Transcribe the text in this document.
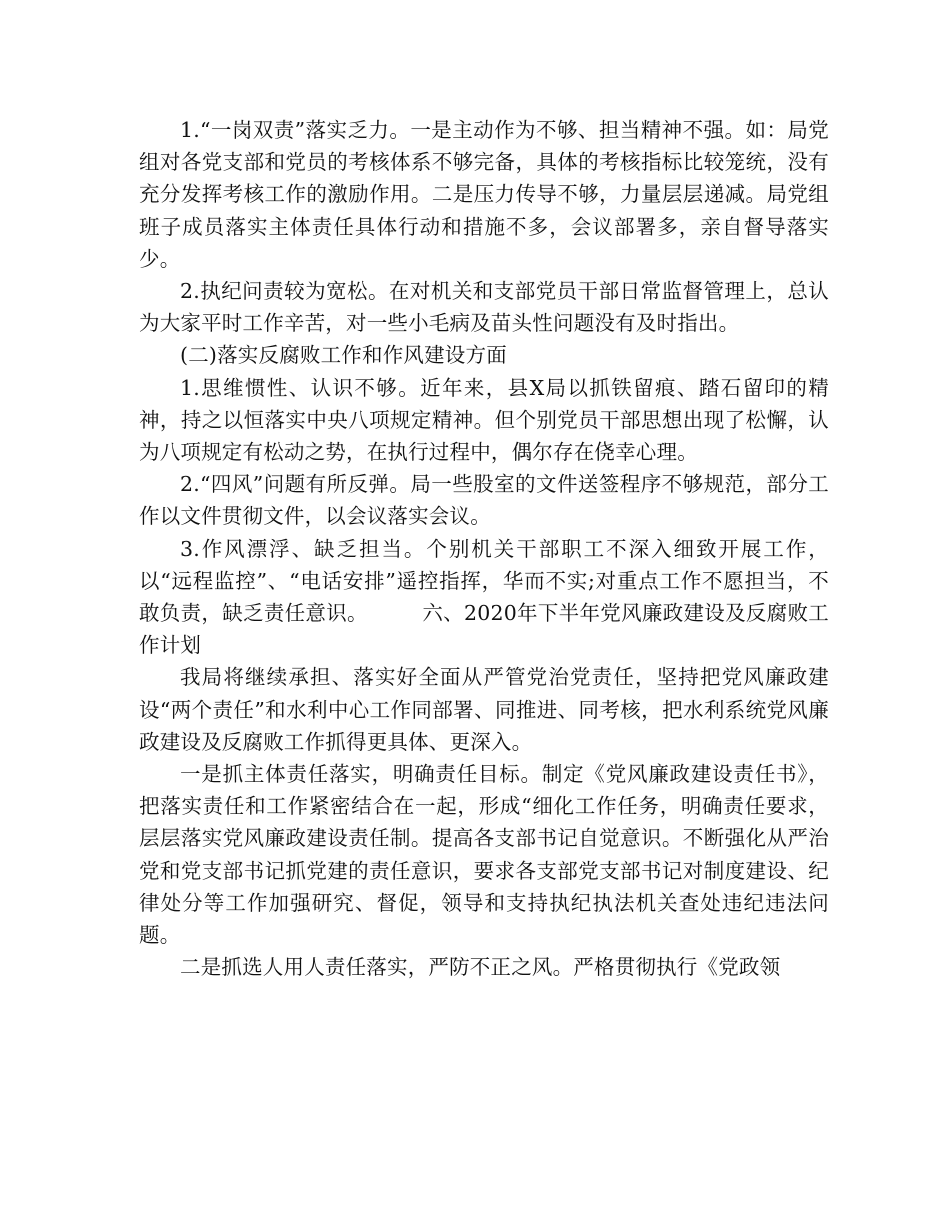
1.“一岗双责”落实乏力。一是主动作为不够、担当精神不强。如：局党组对各党支部和党员的考核体系不够完备，具体的考核指标比较笼统，没有充分发挥考核工作的激励作用。二是压力传导不够，力量层层递减。局党组班子成员落实主体责任具体行动和措施不多，会议部署多，亲自督导落实少。

2.执纪问责较为宽松。在对机关和支部党员干部日常监督管理上，总认为大家平时工作辛苦，对一些小毛病及苗头性问题没有及时指出。

(二)落实反腐败工作和作风建设方面

1.思维惯性、认识不够。近年来，县X局以抓铁留痕、踏石留印的精神，持之以恒落实中央八项规定精神。但个别党员干部思想出现了松懈，认为八项规定有松动之势，在执行过程中，偶尔存在侥幸心理。

2.“四风”问题有所反弹。局一些股室的文件送签程序不够规范，部分工作以文件贯彻文件，以会议落实会议。

3.作风漂浮、缺乏担当。个别机关干部职工不深入细致开展工作，以“远程监控”、“电话安排”遥控指挥，华而不实;对重点工作不愿担当，不敢负责，缺乏责任意识。        六、2020年下半年党风廉政建设及反腐败工作计划

我局将继续承担、落实好全面从严管党治党责任，坚持把党风廉政建设“两个责任”和水利中心工作同部署、同推进、同考核，把水利系统党风廉政建设及反腐败工作抓得更具体、更深入。

一是抓主体责任落实，明确责任目标。制定《党风廉政建设责任书》，把落实责任和工作紧密结合在一起，形成“细化工作任务，明确责任要求，层层落实党风廉政建设责任制。提高各支部书记自觉意识。不断强化从严治党和党支部书记抓党建的责任意识，要求各支部党支部书记对制度建设、纪律处分等工作加强研究、督促，领导和支持执纪执法机关查处违纪违法问题。

二是抓选人用人责任落实，严防不正之风。严格贯彻执行《党政领
